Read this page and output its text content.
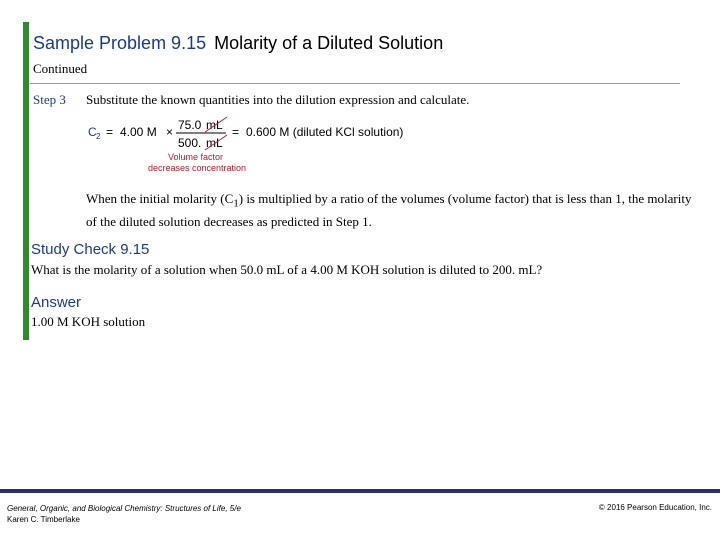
Sample Problem 9.15 Molarity of a Diluted Solution
Continued
Step 3 Substitute the known quantities into the dilution expression and calculate.
C 2 = 4.00 M × 75.0 mL
500. mL
= 0.600 M (diluted KCl solution)
Volume factor
decreases concentration
When the initial molarity $(C_1)$ is multiplied by a ratio of the volumes (volume factor) that is less than 1, the molarity of the diluted solution decreases as predicted in Step 1.
Study Check 9.15
What is the molarity of a solution when 50.0 mL of a 4.00 M KOH solution is diluted to 200. mL?
Answer
1.00 M KOH solution
General, Organic, and Biological Chemistry: Structures of Life, 5/e
Karen C. Timberlake
© 2016 Pearson Education, Inc.
